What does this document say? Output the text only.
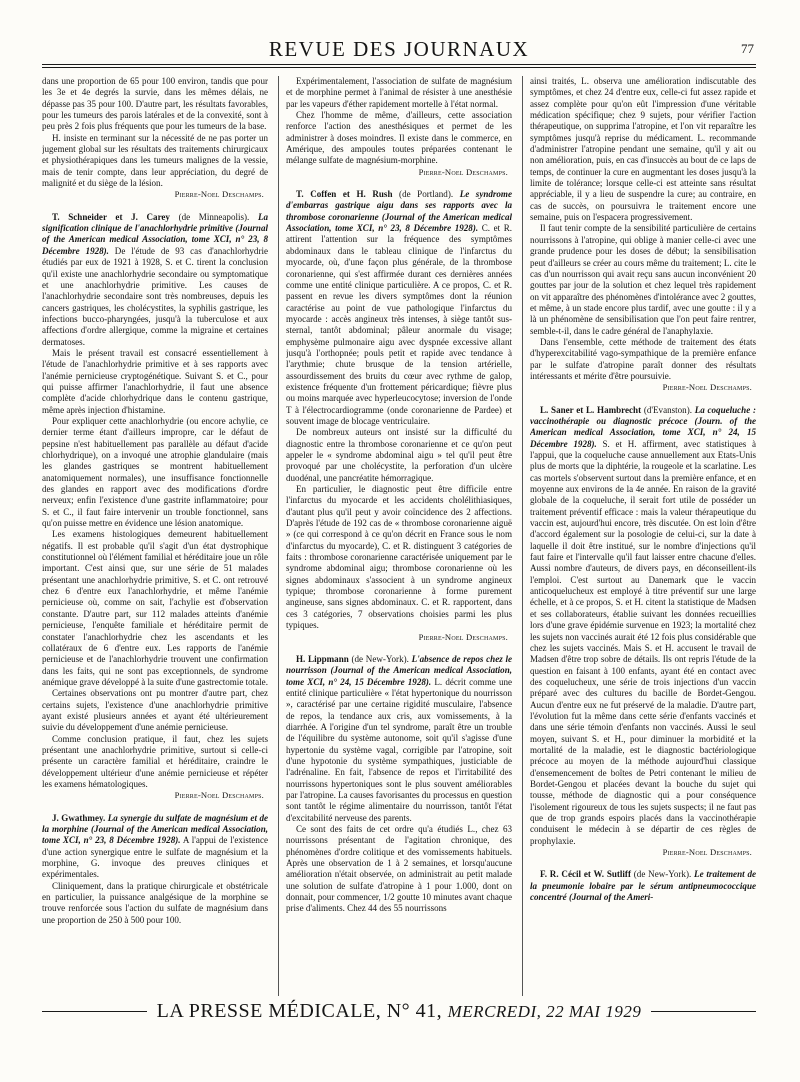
REVUE DES JOURNAUX	77

dans une proportion de 65 pour 100 environ, tandis que pour les 3e et 4e degrés la survie, dans les mêmes délais, ne dépasse pas 35 pour 100. D'autre part, les résultats favorables, pour les tumeurs des parois latérales et de la convexité, sont à peu près 2 fois plus fréquents que pour les tumeurs de la base.

H. insiste en terminant sur la nécessité de ne pas porter un jugement global sur les résultats des traitements chirurgicaux et physiothérapiques dans les tumeurs malignes de la vessie, mais de tenir compte, dans leur appréciation, du degré de malignité et du siège de la lésion.

Pierre-Noel Deschamps.

T. Schneider et J. Carey (de Minneapolis). La signification clinique de l'anachlorhydrie primitive (Journal of the American medical Association, tome XCI, n° 23, 8 Décembre 1928). De l'étude de 93 cas d'anachlorhydrie étudiés par eux de 1921 à 1928, S. et C. tirent la conclusion qu'il existe une anachlorhydrie secondaire ou symptomatique et une anachlorhydrie primitive. Les causes de l'anachlorhydrie secondaire sont très nombreuses, depuis les cancers gastriques, les cholécystites, la syphilis gastrique, les infections bucco-pharyngées, jusqu'à la tuberculose et aux affections d'ordre allergique, comme la migraine et certaines dermatoses.

Mais le présent travail est consacré essentiellement à l'étude de l'anachlorhydrie primitive et à ses rapports avec l'anémie pernicieuse cryptogénétique. Suivant S. et C., pour qui puisse affirmer l'anachlorhydrie, il faut une absence complète d'acide chlorhydrique dans le contenu gastrique, même après injection d'histamine.

Pour expliquer cette anachlorhydrie (ou encore achylie, ce dernier terme étant d'ailleurs impropre, car le défaut de pepsine n'est habituellement pas parallèle au défaut d'acide chlorhydrique), on a invoqué une atrophie glandulaire (mais les glandes gastriques se montrent habituellement anatomiquement normales), une insuffisance fonctionnelle des glandes en rapport avec des modifications d'ordre nerveux; enfin l'existence d'une gastrite inflammatoire; pour S. et C., il faut faire intervenir un trouble fonctionnel, sans qu'on puisse mettre en évidence une lésion anatomique.

Les examens histologiques demeurent habituellement négatifs. Il est probable qu'il s'agit d'un état dystrophique constitutionnel où l'élément familial et héréditaire joue un rôle important. C'est ainsi que, sur une série de 51 malades présentant une anachlorhydrie primitive, S. et C. ont retrouvé chez 6 d'entre eux l'anachlorhydrie, et même l'anémie pernicieuse où, comme on sait, l'achylie est d'observation constante. D'autre part, sur 112 malades atteints d'anémie pernicieuse, l'enquête familiale et héréditaire permit de constater l'anachlorhydrie chez les ascendants et les collatéraux de 6 d'entre eux. Les rapports de l'anémie pernicieuse et de l'anachlorhydrie trouvent une confirmation dans les faits, qui ne sont pas exceptionnels, de syndrome anémique grave développé à la suite d'une gastrectomie totale.

Certaines observations ont pu montrer d'autre part, chez certains sujets, l'existence d'une anachlorhydrie primitive ayant existé plusieurs années et ayant été ultérieurement suivie du développement d'une anémie pernicieuse.

Comme conclusion pratique, il faut, chez les sujets présentant une anachlorhydrie primitive, surtout si celle-ci présente un caractère familial et héréditaire, craindre le développement ultérieur d'une anémie pernicieuse et répéter les examens hématologiques.

Pierre-Noel Deschamps.

J. Gwathmey. La synergie du sulfate de magnésium et de la morphine (Journal of the American medical Association, tome XCI, n° 23, 8 Décembre 1928). A l'appui de l'existence d'une action synergique entre le sulfate de magnésium et la morphine, G. invoque des preuves cliniques et expérimentales.

Cliniquement, dans la pratique chirurgicale et obstétricale en particulier, la puissance analgésique de la morphine se trouve renforcée sous l'action du sulfate de magnésium dans une proportion de 250 à 500 pour 100.

Expérimentalement, l'association de sulfate de magnésium et de morphine permet à l'animal de résister à une anesthésie par les vapeurs d'éther rapidement mortelle à l'état normal.

Chez l'homme de même, d'ailleurs, cette association renforce l'action des anesthésiques et permet de les administrer à doses moindres. Il existe dans le commerce, en Amérique, des ampoules toutes préparées contenant le mélange sulfate de magnésium-morphine.

Pierre-Noel Deschamps.

T. Coffen et H. Rush (de Portland). Le syndrome d'embarras gastrique aigu dans ses rapports avec la thrombose coronarienne (Journal of the American medical Association, tome XCI, n° 23, 8 Décembre 1928). C. et R. attirent l'attention sur la fréquence des symptômes abdominaux dans le tableau clinique de l'infarctus du myocarde, où, d'une façon plus générale, de la thrombose coronarienne, qui s'est affirmée durant ces dernières années comme une entité clinique particulière. A ce propos, C. et R. passent en revue les divers symptômes dont la réunion caractérise au point de vue pathologique l'infarctus du myocarde : accès angineux très intenses, à siège tantôt sus-sternal, tantôt abdominal; pâleur anormale du visage; emphysème pulmonaire aigu avec dyspnée excessive allant jusqu'à l'orthopnée; pouls petit et rapide avec tendance à l'arythmie; chute brusque de la tension artérielle, assourdissement des bruits du cœur avec rythme de galop, existence fréquente d'un frottement péricardique; fièvre plus ou moins marquée avec hyperleucocytose; inversion de l'onde T à l'électrocardiogramme (onde coronarienne de Pardee) et souvent image de blocage ventriculaire.

De nombreux auteurs ont insisté sur la difficulté du diagnostic entre la thrombose coronarienne et ce qu'on peut appeler le « syndrome abdominal aigu » tel qu'il peut être provoqué par une cholécystite, la perforation d'un ulcère duodénal, une pancréatite hémorragique.

En particulier, le diagnostic peut être difficile entre l'infarctus du myocarde et les accidents cholélithiasiques, d'autant plus qu'il peut y avoir coïncidence des 2 affections. D'après l'étude de 192 cas de « thrombose coronarienne aiguë » (ce qui correspond à ce qu'on décrit en France sous le nom d'infarctus du myocarde), C. et R. distinguent 3 catégories de faits : thrombose coronarienne caractérisée uniquement par le syndrome abdominal aigu; thrombose coronarienne où les signes abdominaux s'associent à un syndrome angineux typique; thrombose coronarienne à forme purement angineuse, sans signes abdominaux. C. et R. rapportent, dans ces 3 catégories, 7 observations choisies parmi les plus typiques.

Pierre-Noel Deschamps.

H. Lippmann (de New-York). L'absence de repos chez le nourrisson (Journal of the American medical Association, tome XCI, n° 24, 15 Décembre 1928). L. décrit comme une entité clinique particulière « l'état hypertonique du nourrisson », caractérisé par une certaine rigidité musculaire, l'absence de repos, la tendance aux cris, aux vomissements, à la diarrhée. A l'origine d'un tel syndrome, paraît être un trouble de l'équilibre du système autonome, soit qu'il s'agisse d'une hypertonie du système vagal, corrigible par l'atropine, soit d'une hypotonie du système sympathiques, justiciable de l'adrénaline. En fait, l'absence de repos et l'irritabilité des nourrissons hypertoniques sont le plus souvent améliorables par l'atropine. La causes favorisantes du processus en question sont tantôt le régime alimentaire du nourrisson, tantôt l'état d'excitabilité nerveuse des parents.

Ce sont des faits de cet ordre qu'a étudiés L., chez 63 nourrissons présentant de l'agitation chronique, des phénomènes d'ordre colitique et des vomissements habituels. Après une observation de 1 à 2 semaines, et lorsqu'aucune amélioration n'était observée, on administrait au petit malade une solution de sulfate d'atropine à 1 pour 1.000, dont on donnait, pour commencer, 1/2 goutte 10 minutes avant chaque prise d'aliments. Chez 44 des 55 nourrissons

ainsi traités, L. observa une amélioration indiscutable des symptômes, et chez 24 d'entre eux, celle-ci fut assez rapide et assez complète pour qu'on eût l'impression d'une véritable médication spécifique; chez 9 sujets, pour vérifier l'action thérapeutique, on supprima l'atropine, et l'on vit reparaître les symptômes jusqu'à reprise du médicament. L. recommande d'administrer l'atropine pendant une semaine, qu'il y ait ou non amélioration, puis, en cas d'insuccès au bout de ce laps de temps, de continuer la cure en augmentant les doses jusqu'à la limite de tolérance; lorsque celle-ci est atteinte sans résultat appréciable, il y a lieu de suspendre la cure; au contraire, en cas de succès, on poursuivra le traitement encore une semaine, puis on l'espacera progressivement.

Il faut tenir compte de la sensibilité particulière de certains nourrissons à l'atropine, qui oblige à manier celle-ci avec une grande prudence pour les doses de début; la sensibilisation peut d'ailleurs se créer au cours même du traitement; L. cite le cas d'un nourrisson qui avait reçu sans aucun inconvénient 20 gouttes par jour de la solution et chez lequel très rapidement on vit apparaître des phénomènes d'intolérance avec 2 gouttes, et même, à un stade encore plus tardif, avec une goutte : il y a là un phénomène de sensibilisation que l'on peut faire rentrer, semble-t-il, dans le cadre général de l'anaphylaxie.

Dans l'ensemble, cette méthode de traitement des états d'hyperexcitabilité vago-sympathique de la première enfance par le sulfate d'atropine paraît donner des résultats intéressants et mérite d'être poursuivie.

Pierre-Noel Deschamps.

L. Saner et L. Hambrecht (d'Evanston). La coqueluche : vaccinothérapie ou diagnostic précoce (Journ. of the American medical Association, tome XCI, n° 24, 15 Décembre 1928). S. et H. affirment, avec statistiques à l'appui, que la coqueluche cause annuellement aux Etats-Unis plus de morts que la diphtérie, la rougeole et la scarlatine. Les cas mortels s'observent surtout dans la première enfance, et en moyenne aux environs de la 4e année. En raison de la gravité globale de la coqueluche, il serait fort utile de posséder un traitement préventif efficace : mais la valeur thérapeutique du vaccin est, aujourd'hui encore, très discutée. On est loin d'être d'accord également sur la posologie de celui-ci, sur la date à laquelle il doit être institué, sur le nombre d'injections qu'il faut faire et l'intervalle qu'il faut laisser entre chacune d'elles. Aussi nombre d'auteurs, de divers pays, en déconseillent-ils l'emploi. C'est surtout au Danemark que le vaccin anticoquelucheux est employé à titre préventif sur une large échelle, et à ce propos, S. et H. citent la statistique de Madsen et ses collaborateurs, établie suivant les données recueillies lors d'une grave épidémie survenue en 1923; la mortalité chez les sujets non vaccinés aurait été 12 fois plus considérable que chez les sujets vaccinés. Mais S. et H. accusent le travail de Madsen d'être trop sobre de détails. Ils ont repris l'étude de la question en faisant à 100 enfants, ayant été en contact avec des coquelucheux, une série de trois injections d'un vaccin préparé avec des cultures du bacille de Bordet-Gengou. Aucun d'entre eux ne fut préservé de la maladie. D'autre part, l'évolution fut la même dans cette série d'enfants vaccinés et dans une série témoin d'enfants non vaccinés. Aussi le seul moyen, suivant S. et H., pour diminuer la morbidité et la mortalité de la maladie, est le diagnostic bactériologique précoce au moyen de la méthode aujourd'hui classique d'ensemencement de boîtes de Petri contenant le milieu de Bordet-Gengou et placées devant la bouche du sujet qui tousse, méthode de diagnostic qui a pour conséquence l'isolement rigoureux de tous les sujets suspects; il ne faut pas que de trop grands espoirs placés dans la vaccinothérapie conduisent le médecin à se départir de ces règles de prophylaxie.

Pierre-Noel Deschamps.

F. R. Cécil et W. Sutliff (de New-York). Le traitement de la pneumonie lobaire par le sérum antipneumococcique concentré (Journal of the Ameri-

LA PRESSE MÉDICALE, N° 41, MERCREDI, 22 MAI 1929
